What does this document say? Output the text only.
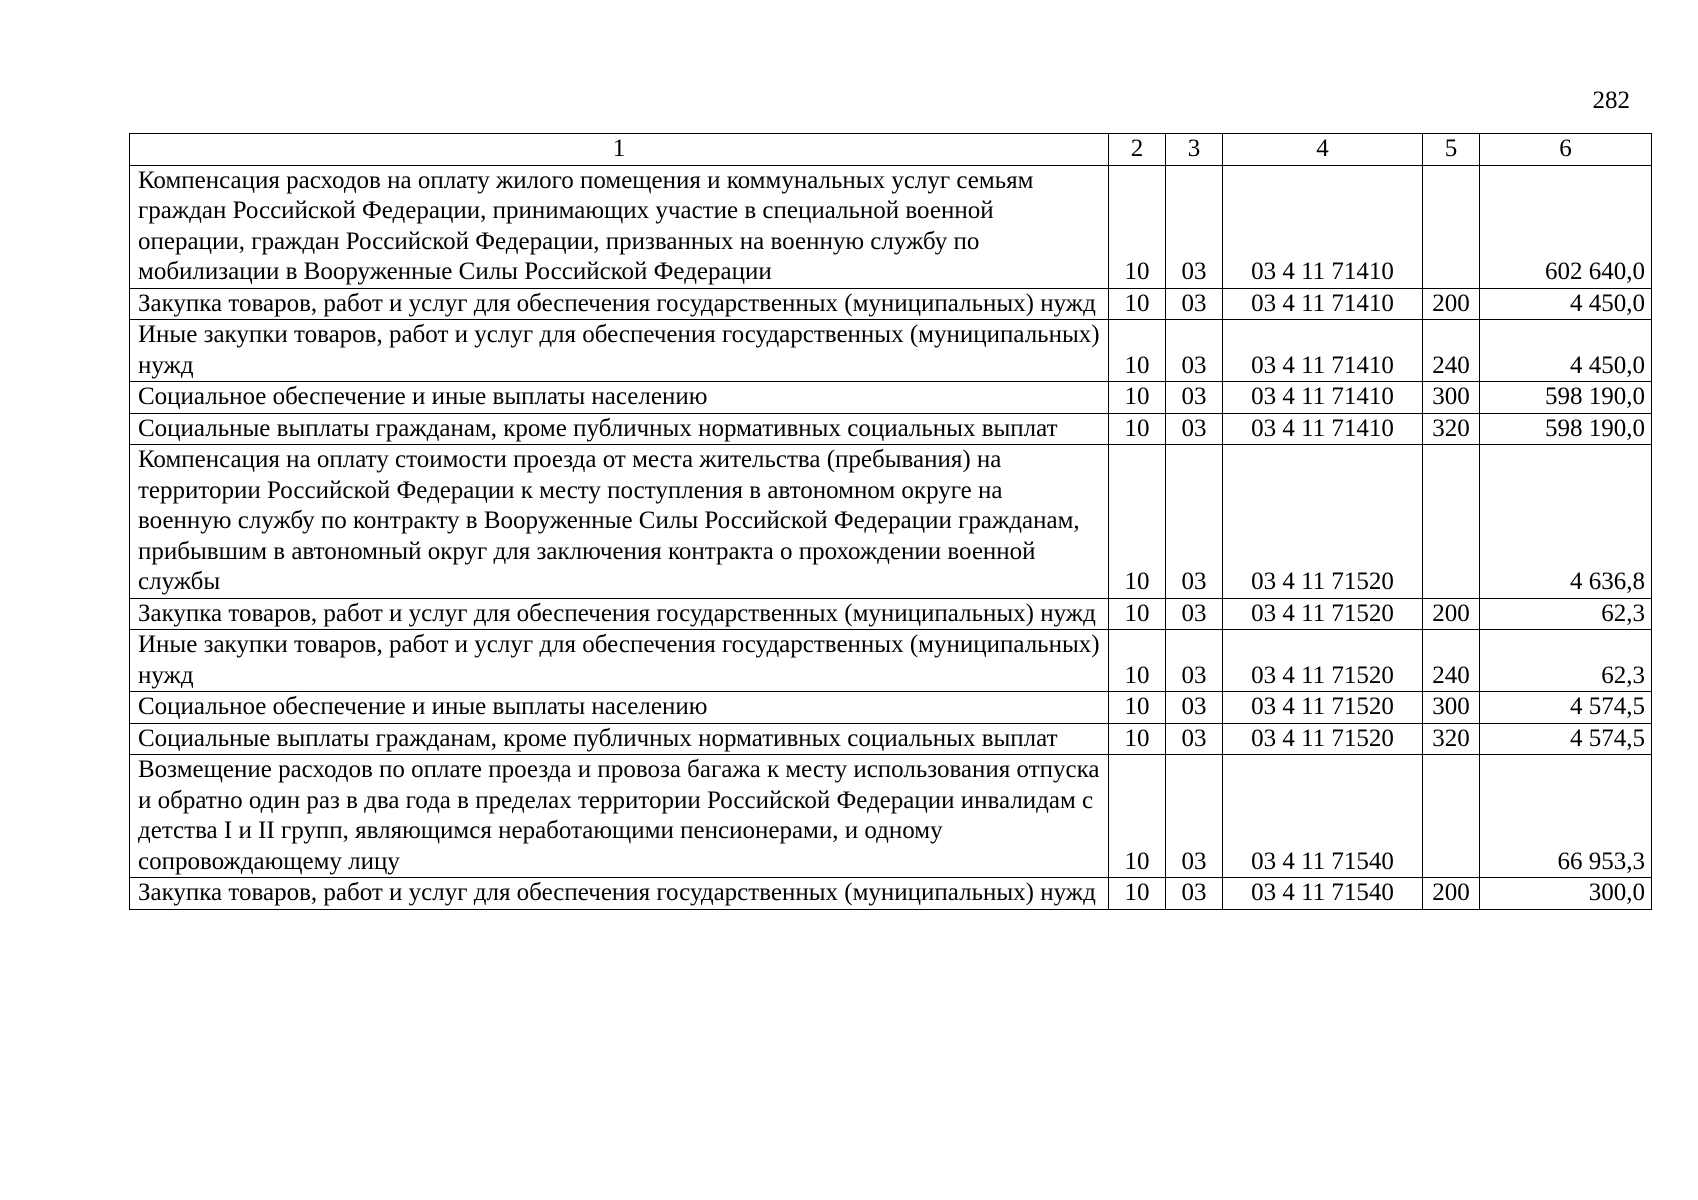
282
1	2	3	4	5	6
Компенсация расходов на оплату жилого помещения и коммунальных услуг семьям граждан Российской Федерации, принимающих участие в специальной военной операции, граждан Российской Федерации, призванных на военную службу по мобилизации в Вооруженные Силы Российской Федерации	10	03	03 4 11 71410		602 640,0
Закупка товаров, работ и услуг для обеспечения государственных (муниципальных) нужд	10	03	03 4 11 71410	200	4 450,0
Иные закупки товаров, работ и услуг для обеспечения государственных (муниципальных) нужд	10	03	03 4 11 71410	240	4 450,0
Социальное обеспечение и иные выплаты населению	10	03	03 4 11 71410	300	598 190,0
Социальные выплаты гражданам, кроме публичных нормативных социальных выплат	10	03	03 4 11 71410	320	598 190,0
Компенсация на оплату стоимости проезда от места жительства (пребывания) на территории Российской Федерации к месту поступления в автономном округе на военную службу по контракту в Вооруженные Силы Российской Федерации гражданам, прибывшим в автономный округ для заключения контракта о прохождении военной службы	10	03	03 4 11 71520		4 636,8
Закупка товаров, работ и услуг для обеспечения государственных (муниципальных) нужд	10	03	03 4 11 71520	200	62,3
Иные закупки товаров, работ и услуг для обеспечения государственных (муниципальных) нужд	10	03	03 4 11 71520	240	62,3
Социальное обеспечение и иные выплаты населению	10	03	03 4 11 71520	300	4 574,5
Социальные выплаты гражданам, кроме публичных нормативных социальных выплат	10	03	03 4 11 71520	320	4 574,5
Возмещение расходов по оплате проезда и провоза багажа к месту использования отпуска и обратно один раз в два года в пределах территории Российской Федерации инвалидам с детства I и II групп, являющимся неработающими пенсионерами, и одному сопровождающему лицу	10	03	03 4 11 71540		66 953,3
Закупка товаров, работ и услуг для обеспечения государственных (муниципальных) нужд	10	03	03 4 11 71540	200	300,0
